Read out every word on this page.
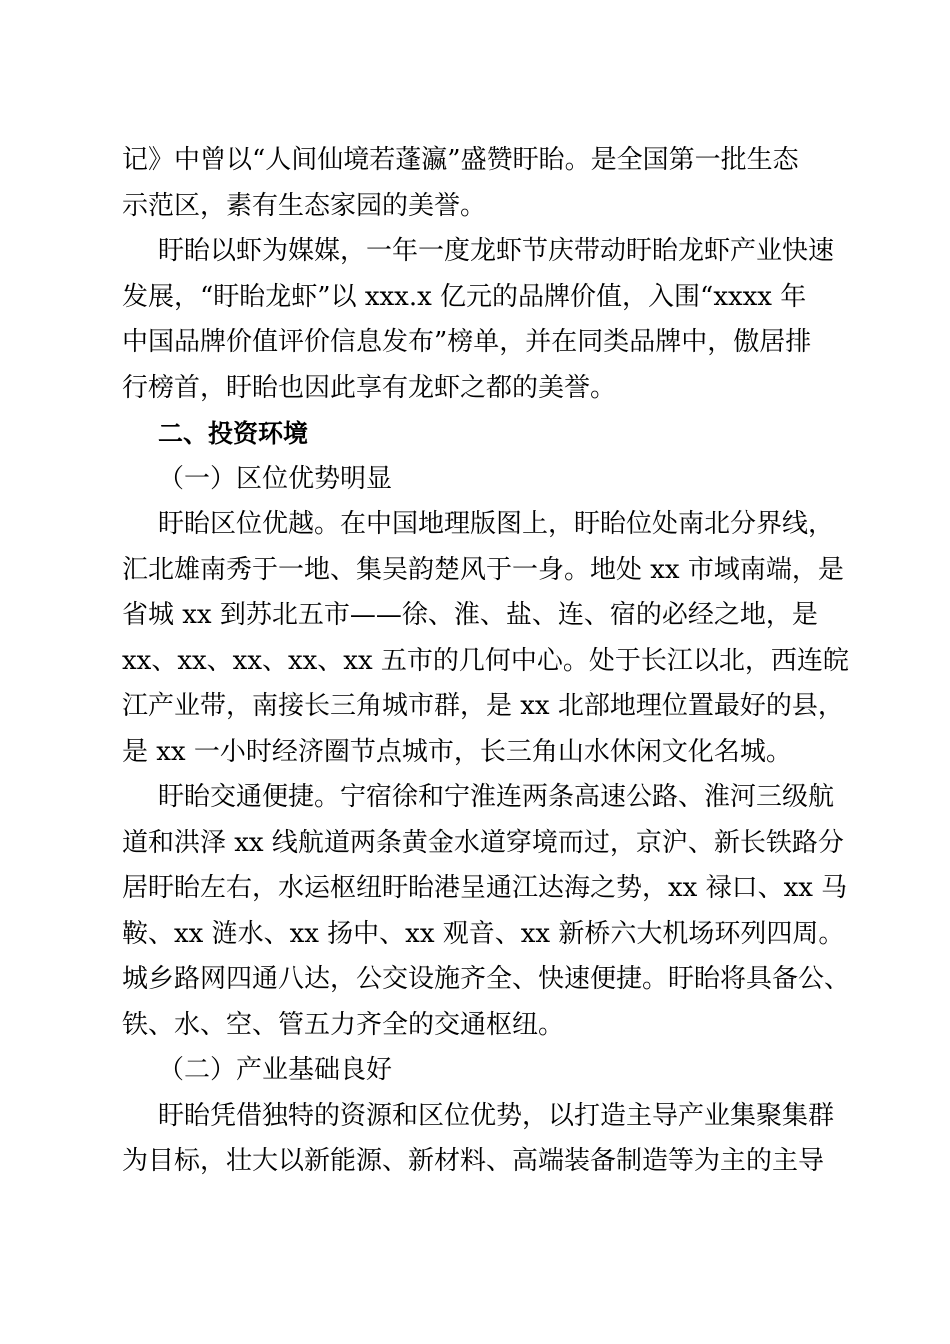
记》中曾以“人间仙境若蓬瀛”盛赞盱眙。是全国第一批生态
示范区，素有生态家园的美誉。
盱眙以虾为媒媒，一年一度龙虾节庆带动盱眙龙虾产业快速
发展，“盱眙龙虾”以 xxx.x 亿元的品牌价值，入围“xxxx 年
中国品牌价值评价信息发布”榜单，并在同类品牌中，傲居排
行榜首，盱眙也因此享有龙虾之都的美誉。
二、投资环境
（一）区位优势明显
盱眙区位优越。在中国地理版图上，盱眙位处南北分界线，
汇北雄南秀于一地、集吴韵楚风于一身。地处 xx 市域南端，是
省城 xx 到苏北五市——徐、淮、盐、连、宿的必经之地，是
xx、xx、xx、xx、xx 五市的几何中心。处于长江以北，西连皖
江产业带，南接长三角城市群，是 xx 北部地理位置最好的县，
是 xx 一小时经济圈节点城市，长三角山水休闲文化名城。
盱眙交通便捷。宁宿徐和宁淮连两条高速公路、淮河三级航
道和洪泽 xx 线航道两条黄金水道穿境而过，京沪、新长铁路分
居盱眙左右，水运枢纽盱眙港呈通江达海之势，xx 禄口、xx 马
鞍、xx 涟水、xx 扬中、xx 观音、xx 新桥六大机场环列四周。
城乡路网四通八达，公交设施齐全、快速便捷。盱眙将具备公、
铁、水、空、管五力齐全的交通枢纽。
（二）产业基础良好
盱眙凭借独特的资源和区位优势，以打造主导产业集聚集群
为目标，壮大以新能源、新材料、高端装备制造等为主的主导
